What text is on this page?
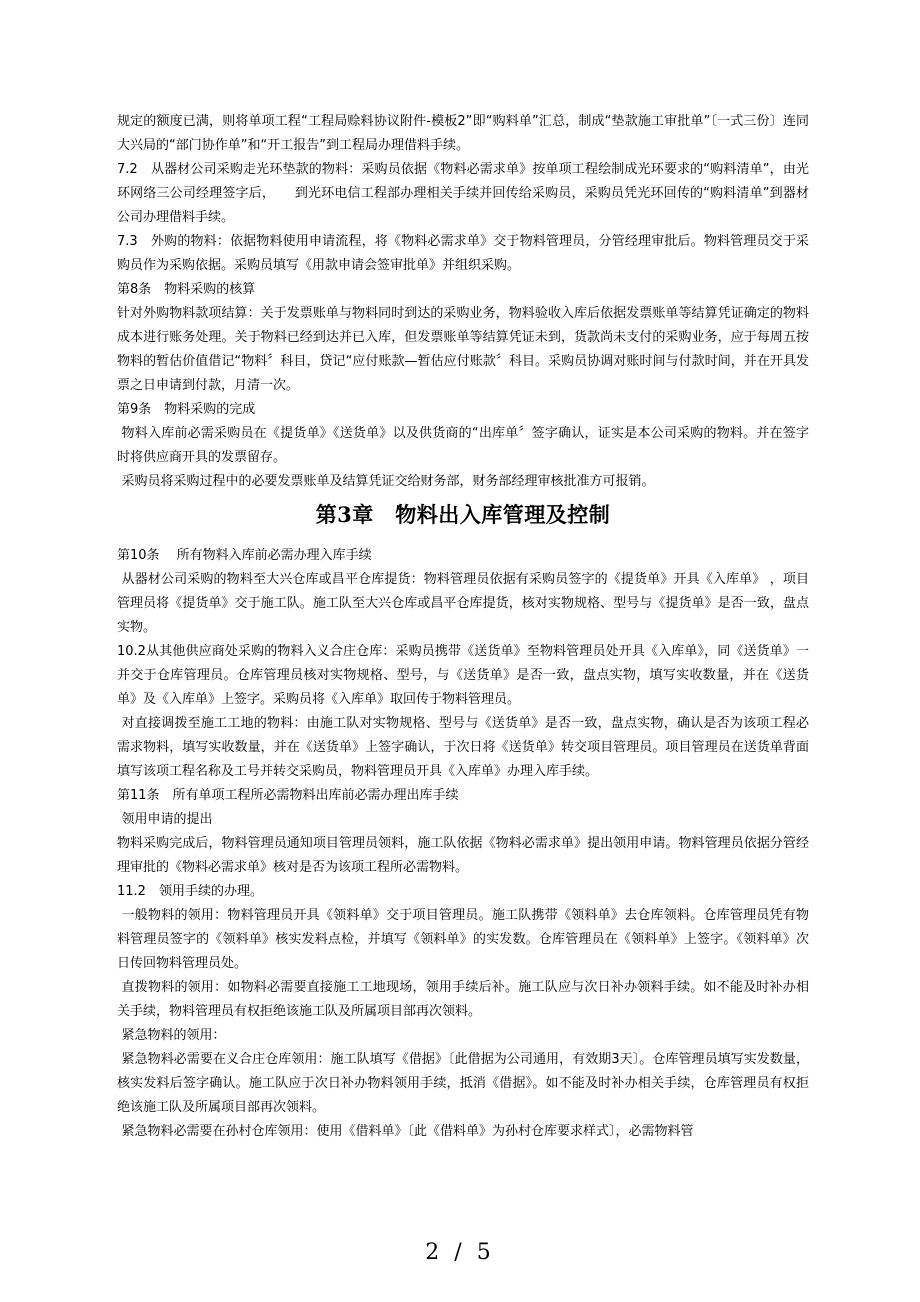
规定的额度已满，则将单项工程“工程局赊料协议附件-模板2”即“购料单”汇总，制成“垫款施工审批单”〔一式三份〕连同大兴局的“部门协作单”和“开工报告”到工程局办理借料手续。

7.2　从器材公司采购走光环垫款的物料：采购员依据《物料必需求单》按单项工程绘制成光环要求的“购料清单”，由光环网络三公司经理签字后，　　到光环电信工程部办理相关手续并回传给采购员，采购员凭光环回传的“购料清单”到器材公司办理借料手续。

7.3　外购的物料：依据物料使用申请流程，将《物料必需求单》交于物料管理员，分管经理审批后。物料管理员交于采购员作为采购依据。采购员填写《用款申请会签审批单》并组织采购。

第8条　物料采购的核算

针对外购物料款项结算：关于发票账单与物料同时到达的采购业务，物料验收入库后依据发票账单等结算凭证确定的物料成本进行账务处理。关于物料已经到达并已入库，但发票账单等结算凭证未到，货款尚未支付的采购业务，应于每周五按物料的暂估价值借记“物料〞科目，贷记“应付账款—暂估应付账款〞科目。采购员协调对账时间与付款时间，并在开具发票之日申请到付款，月清一次。

第9条　物料采购的完成

物料入库前必需采购员在《提货单》《送货单》以及供货商的“出库单〞签字确认，证实是本公司采购的物料。并在签字时将供应商开具的发票留存。

采购员将采购过程中的必要发票账单及结算凭证交给财务部，财务部经理审核批准方可报销。

第3章　物料出入库管理及控制

第10条　 所有物料入库前必需办理入库手续

从器材公司采购的物料至大兴仓库或昌平仓库提货：物料管理员依据有采购员签字的《提货单》开具《入库单》 ，项目管理员将《提货单》交于施工队。施工队至大兴仓库或昌平仓库提货，核对实物规格、型号与《提货单》是否一致，盘点实物。

10.2从其他供应商处采购的物料入义合庄仓库：采购员携带《送货单》至物料管理员处开具《入库单》，同《送货单》一并交于仓库管理员。仓库管理员核对实物规格、型号，与《送货单》是否一致，盘点实物，填写实收数量，并在《送货单》及《入库单》上签字。采购员将《入库单》取回传于物料管理员。

对直接调拨至施工工地的物料：由施工队对实物规格、型号与《送货单》是否一致，盘点实物，确认是否为该项工程必需求物料，填写实收数量，并在《送货单》上签字确认，于次日将《送货单》转交项目管理员。项目管理员在送货单背面填写该项工程名称及工号并转交采购员，物料管理员开具《入库单》办理入库手续。

第11条　所有单项工程所必需物料出库前必需办理出库手续

领用申请的提出

物料采购完成后，物料管理员通知项目管理员领料，施工队依据《物料必需求单》提出领用申请。物料管理员依据分管经理审批的《物料必需求单》核对是否为该项工程所必需物料。

11.2　领用手续的办理。

一般物料的领用：物料管理员开具《领料单》交于项目管理员。施工队携带《领料单》去仓库领料。仓库管理员凭有物料管理员签字的《领料单》核实发料点检，并填写《领料单》的实发数。仓库管理员在《领料单》上签字。《领料单》次日传回物料管理员处。

直拨物料的领用：如物料必需要直接施工工地现场，领用手续后补。施工队应与次日补办领料手续。如不能及时补办相关手续，物料管理员有权拒绝该施工队及所属项目部再次领料。

紧急物料的领用：

紧急物料必需要在义合庄仓库领用：施工队填写《借据》〔此借据为公司通用，有效期3天〕。仓库管理员填写实发数量，核实发料后签字确认。施工队应于次日补办物料领用手续，抵消《借据》。如不能及时补办相关手续，仓库管理员有权拒绝该施工队及所属项目部再次领料。

紧急物料必需要在孙村仓库领用：使用《借料单》〔此《借料单》为孙村仓库要求样式〕，必需物料管

2 / 5
